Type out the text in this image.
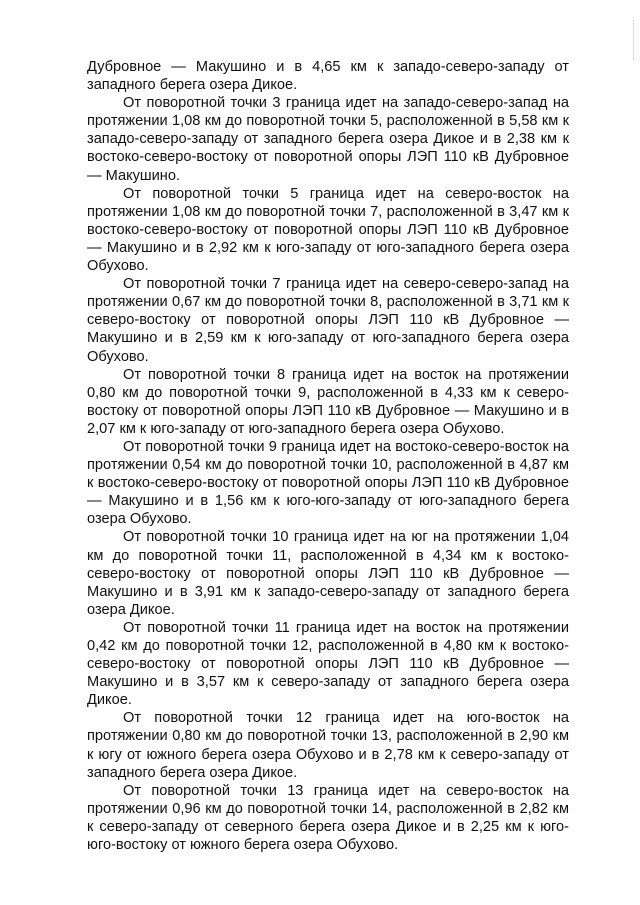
Дубровное — Макушино и в 4,65 км к западо-северо-западу от западного берега озера Дикое.

От поворотной точки 3 граница идет на западо-северо-запад на протяжении 1,08 км до поворотной точки 5, расположенной в 5,58 км к западо-северо-западу от западного берега озера Дикое и в 2,38 км к востоко-северо-востоку от поворотной опоры ЛЭП 110 кВ Дубровное — Макушино.

От поворотной точки 5 граница идет на северо-восток на протяжении 1,08 км до поворотной точки 7, расположенной в 3,47 км к востоко-северо-востоку от поворотной опоры ЛЭП 110 кВ Дубровное — Макушино и в 2,92 км к юго-западу от юго-западного берега озера Обухово.

От поворотной точки 7 граница идет на северо-северо-запад на протяжении 0,67 км до поворотной точки 8, расположенной в 3,71 км к северо-востоку от поворотной опоры ЛЭП 110 кВ Дубровное — Макушино и в 2,59 км к юго-западу от юго-западного берега озера Обухово.

От поворотной точки 8 граница идет на восток на протяжении 0,80 км до поворотной точки 9, расположенной в 4,33 км к северо-востоку от поворотной опоры ЛЭП 110 кВ Дубровное — Макушино и в 2,07 км к юго-западу от юго-западного берега озера Обухово.

От поворотной точки 9 граница идет на востоко-северо-восток на протяжении 0,54 км до поворотной точки 10, расположенной в 4,87 км к востоко-северо-востоку от поворотной опоры ЛЭП 110 кВ Дубровное — Макушино и в 1,56 км к юго-юго-западу от юго-западного берега озера Обухово.

От поворотной точки 10 граница идет на юг на протяжении 1,04 км до поворотной точки 11, расположенной в 4,34 км к востоко-северо-востоку от поворотной опоры ЛЭП 110 кВ Дубровное — Макушино и в 3,91 км к западо-северо-западу от западного берега озера Дикое.

От поворотной точки 11 граница идет на восток на протяжении 0,42 км до поворотной точки 12, расположенной в 4,80 км к востоко-северо-востоку от поворотной опоры ЛЭП 110 кВ Дубровное — Макушино и в 3,57 км к северо-западу от западного берега озера Дикое.

От поворотной точки 12 граница идет на юго-восток на протяжении 0,80 км до поворотной точки 13, расположенной в 2,90 км к югу от южного берега озера Обухово и в 2,78 км к северо-западу от западного берега озера Дикое.

От поворотной точки 13 граница идет на северо-восток на протяжении 0,96 км до поворотной точки 14, расположенной в 2,82 км к северо-западу от северного берега озера Дикое и в 2,25 км к юго-юго-востоку от южного берега озера Обухово.
